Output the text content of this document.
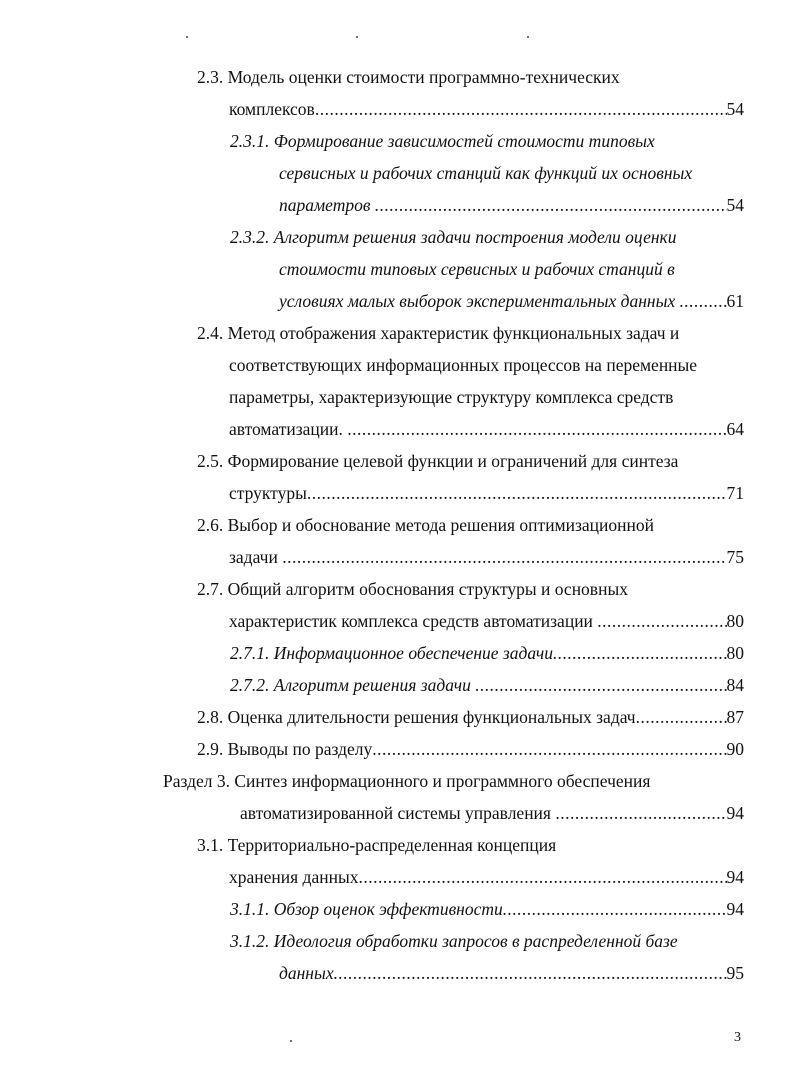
2.3. Модель оценки стоимости программно-технических
комплексов .....	54
2.3.1. Формирование зависимостей стоимости типовых
сервисных и рабочих станций как функций их основных
параметров .....	54
2.3.2. Алгоритм решения задачи построения модели оценки
стоимости типовых сервисных и рабочих станций в
условиях малых выборок экспериментальных данных .....	61
2.4. Метод отображения характеристик функциональных задач и
соответствующих информационных процессов на переменные
параметры, характеризующие структуру комплекса средств
автоматизации. .....	64
2.5. Формирование целевой функции и ограничений для синтеза
структуры .....	71
2.6. Выбор и обоснование метода решения оптимизационной
задачи .....	75
2.7. Общий алгоритм обоснования структуры и основных
характеристик комплекса средств автоматизации .....	80
2.7.1. Информационное обеспечение задачи .....	80
2.7.2. Алгоритм решения задачи .....	84
2.8. Оценка длительности решения функциональных задач .....	87
2.9. Выводы по разделу .....	90
Раздел 3. Синтез информационного и программного обеспечения
автоматизированной системы управления .....	94
3.1. Территориально-распределенная концепция
хранения данных .....	94
3.1.1. Обзор оценок эффективности .....	94
3.1.2. Идеология обработки запросов в распределенной базе
данных .....	95
3
